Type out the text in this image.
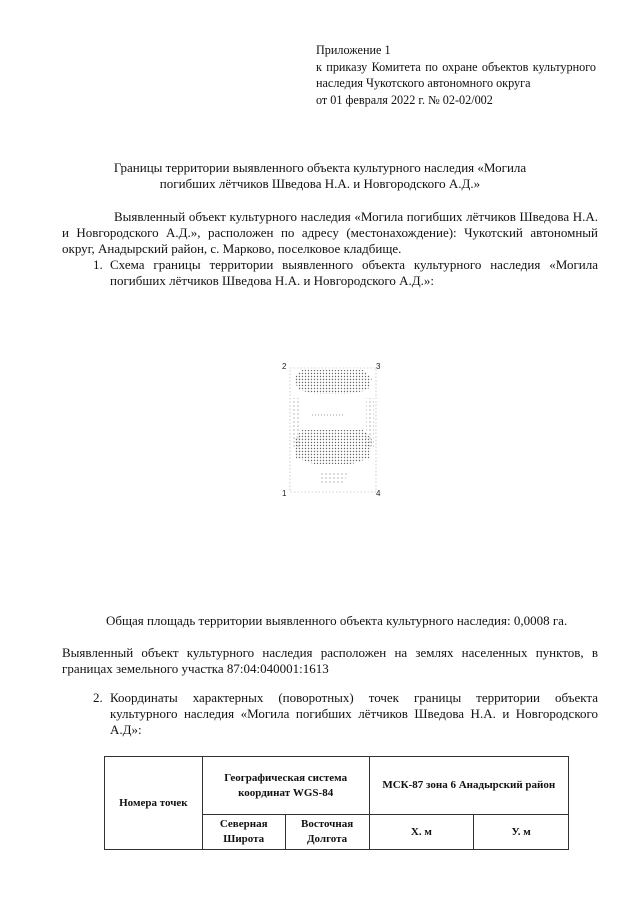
Приложение 1
к приказу Комитета по охране объектов культурного наследия Чукотского автономного округа
от 01 февраля 2022 г. № 02-02/002
Границы территории выявленного объекта культурного наследия «Могила погибших лётчиков Шведова Н.А. и Новгородского А.Д.»
Выявленный объект культурного наследия «Могила погибших лётчиков Шведова Н.А. и Новгородского А.Д.», расположен по адресу (местонахождение): Чукотский автономный округ, Анадырский район, с. Марково, поселковое кладбище.
1. Схема границы территории выявленного объекта культурного наследия «Могила погибших лётчиков Шведова Н.А. и Новгородского А.Д.»:
1
2	3
4
Общая площадь территории выявленного объекта культурного наследия: 0,0008 га.
Выявленный объект культурного наследия расположен на землях населенных пунктов, в границах земельного участка 87:04:040001:1613
2. Координаты характерных (поворотных) точек границы территории объекта культурного наследия «Могила погибших лётчиков Шведова Н.А. и Новгородского А.Д»:
Номера точек	Географическая система координат WGS-84		МСК-87 зона 6 Анадырский район	
	Северная Широта	Восточная Долгота	Х. м	У. м
